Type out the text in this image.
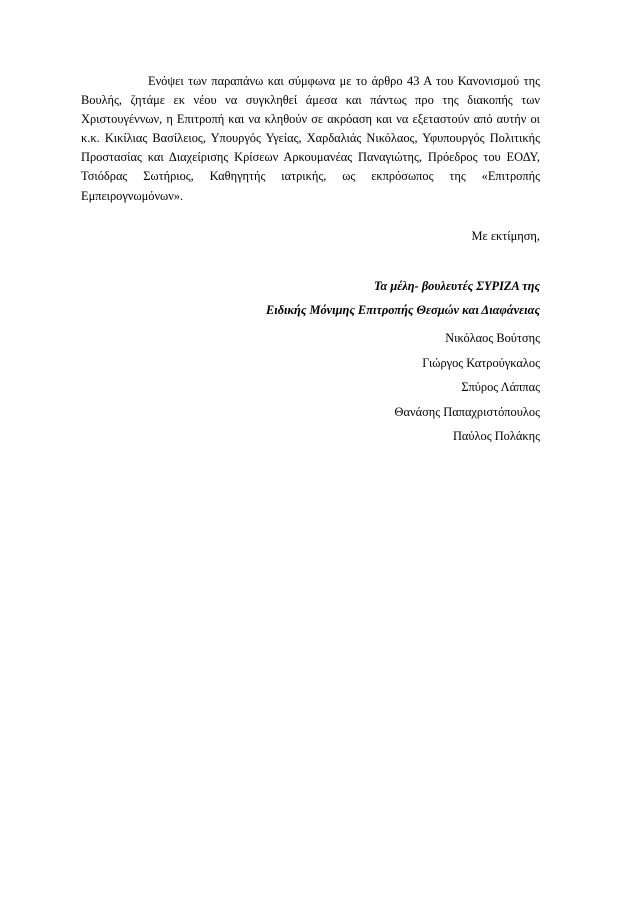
Ενόψει των παραπάνω και σύμφωνα με το άρθρο 43 Α του Κανονισμού της Βουλής, ζητάμε εκ νέου να συγκληθεί άμεσα και πάντως προ της διακοπής των Χριστουγέννων, η Επιτροπή και να κληθούν σε ακρόαση και να εξεταστούν από αυτήν οι κ.κ. Κικίλιας Βασίλειος, Υπουργός Υγείας, Χαρδαλιάς Νικόλαος, Υφυπουργός Πολιτικής Προστασίας και Διαχείρισης Κρίσεων Αρκουμανέας Παναγιώτης, Πρόεδρος του ΕΟΔΥ, Τσιόδρας Σωτήριος, Καθηγητής ιατρικής, ως εκπρόσωπος της «Επιτροπής Εμπειρογνωμόνων».

Με εκτίμηση,

Τα μέλη- βουλευτές ΣΥΡΙΖΑ της

Ειδικής Μόνιμης Επιτροπής Θεσμών και Διαφάνειας

Νικόλαος Βούτσης
Γιώργος Κατρούγκαλος
Σπύρος Λάππας
Θανάσης Παπαχριστόπουλος
Παύλος Πολάκης
